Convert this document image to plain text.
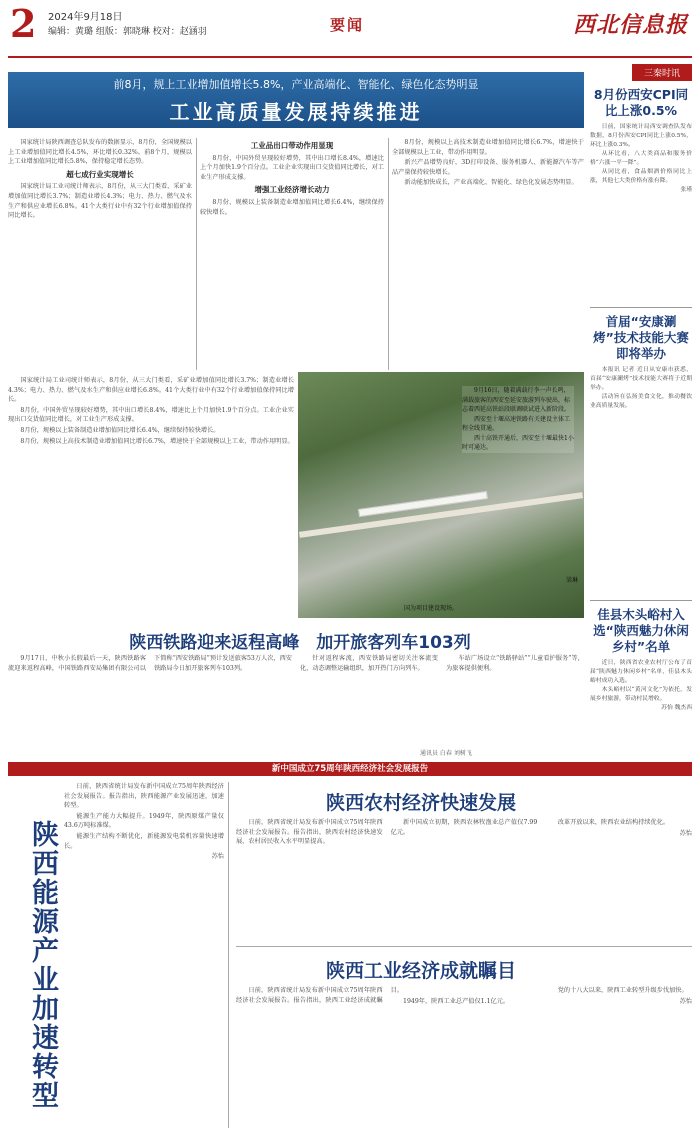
2 2024年9月18日
编辑：黄璐 组版：郭晓琳 校对：赵涵羽	要闻	西北信息报
前8月，规上工业增加值增长5.8%，产业高端化、智能化、绿色化态势明显
工业高质量发展持续推进

国家统计局陕西调查总队发布的数据显示，8月份，全国规模以上工业增加值同比增长4.5%，环比增长0.32%。前8个月，规模以上工业增加值同比增长5.8%，保持稳定增长态势。

超七成行业实现增长

国家统计局工业司统计师表示，8月份，从三大门类看，采矿业增加值同比增长3.7%；制造业增长4.3%；电力、热力、燃气及水生产和供应业增长6.8%。41个大类行业中有32个行业增加值保持同比增长。

工业品出口带动作用显现

8月份，中国外贸呈现较好增势，其中出口增长8.4%，增速比上个月加快1.9个百分点。工业企业实现出口交货值同比增长，对工业生产形成支撑。

增强工业经济增长动力

8月份，规模以上装备制造业增加值同比增长6.4%，继续保持较快增长。

8月份，规模以上高技术制造业增加值同比增长6.7%，增速快于全部规模以上工业，带动作用明显。

新兴产品增势良好，3D打印设备、服务机器人、新能源汽车等产品产量保持较快增长。

新动能加快成长，产业高端化、智能化、绿色化发展态势明显。

三秦时讯
8月份西安CPI同比上涨0.5%

日前，国家统计局西安调查队发布数据，8月份西安CPI同比上涨0.5%，环比上涨0.3%。

从环比看，八大类商品和服务价格“六涨一平一降”。

从同比看，食品烟酒价格同比上涨，其他七大类价格有涨有降。

张瑾

首届“安康涮烤”技术技能大赛即将举办

本报讯 记者 近日从安康市获悉，首届“安康涮烤”技术技能大赛将于近期举办。

活动旨在弘扬美食文化，推动餐饮业高质量发展。

佳县木头峪村入选“陕西魅力休闲乡村”名单

近日，陕西省农业农村厅公布了首届“陕西魅力休闲乡村”名单，佳县木头峪村成功入选。

木头峪村以“黄河文化”为依托，发展乡村旅游，带动村民增收。

苏怡 魏杰西

国家统计局工业司统计师表示，8月份，从三大门类看，采矿业增加值同比增长3.7%；制造业增长4.3%；电力、热力、燃气及水生产和供应业增长6.8%。41个大类行业中有32个行业增加值保持同比增长。

8月份，中国外贸呈现较好增势，其中出口增长8.4%，增速比上个月加快1.9个百分点。工业企业实现出口交货值同比增长，对工业生产形成支撑。

8月份，规模以上装备制造业增加值同比增长6.4%，继续保持较快增长。

8月份，规模以上高技术制造业增加值同比增长6.7%，增速快于全部规模以上工业，带动作用明显。

9月16日，随着满载行李一声长鸣，满载旅客的西安至延安旅游列车驶出，标志着西延高铁站段联调联试进入新阶段。

西安至十堰高速铁路有关建设主体工程全线贯通。

西十高铁开通后，西安至十堰最快1小时可通达。

梁琳
国为项目建设现场。
陕西铁路迎来返程高峰　加开旅客列车103列

9月17日，中秋小长假最后一天，陕西铁路客流迎来返程高峰，中国铁路西安局集团有限公司以下简称“西安铁路局”预计发送旅客53万人次，西安铁路局今日加开旅客列车103列。

针对返程客流，西安铁路局密切关注客流变化，动态调整运输组织，加开热门方向列车。

车站广场设立“铁路驿站”“儿童看护服务”等，为旅客提供便利。

通讯员 白春 刘树飞
新中国成立75周年陕西经济社会发展报告
陕西能源产业加速转型

日前，陕西省统计局发布新中国成立75周年陕西经济社会发展报告。报告指出，陕西能源产业发展迅速，加速转型。

能源生产能力大幅提升。1949年，陕西原煤产量仅43.6万吨标准煤。

能源生产结构不断优化，新能源发电装机容量快速增长。

苏怡

陕西农村经济快速发展

日前，陕西省统计局发布新中国成立75周年陕西经济社会发展报告。报告指出，陕西农村经济快速发展，农村居民收入水平明显提高。

新中国成立初期，陕西农林牧渔业总产值仅7.99亿元。

改革开放以来，陕西农业结构持续优化。

苏怡

陕西工业经济成就瞩目

日前，陕西省统计局发布新中国成立75周年陕西经济社会发展报告。报告指出，陕西工业经济成就瞩目。

1949年，陕西工业总产值仅1.1亿元。

党的十八大以来，陕西工业转型升级步伐加快。

苏怡
